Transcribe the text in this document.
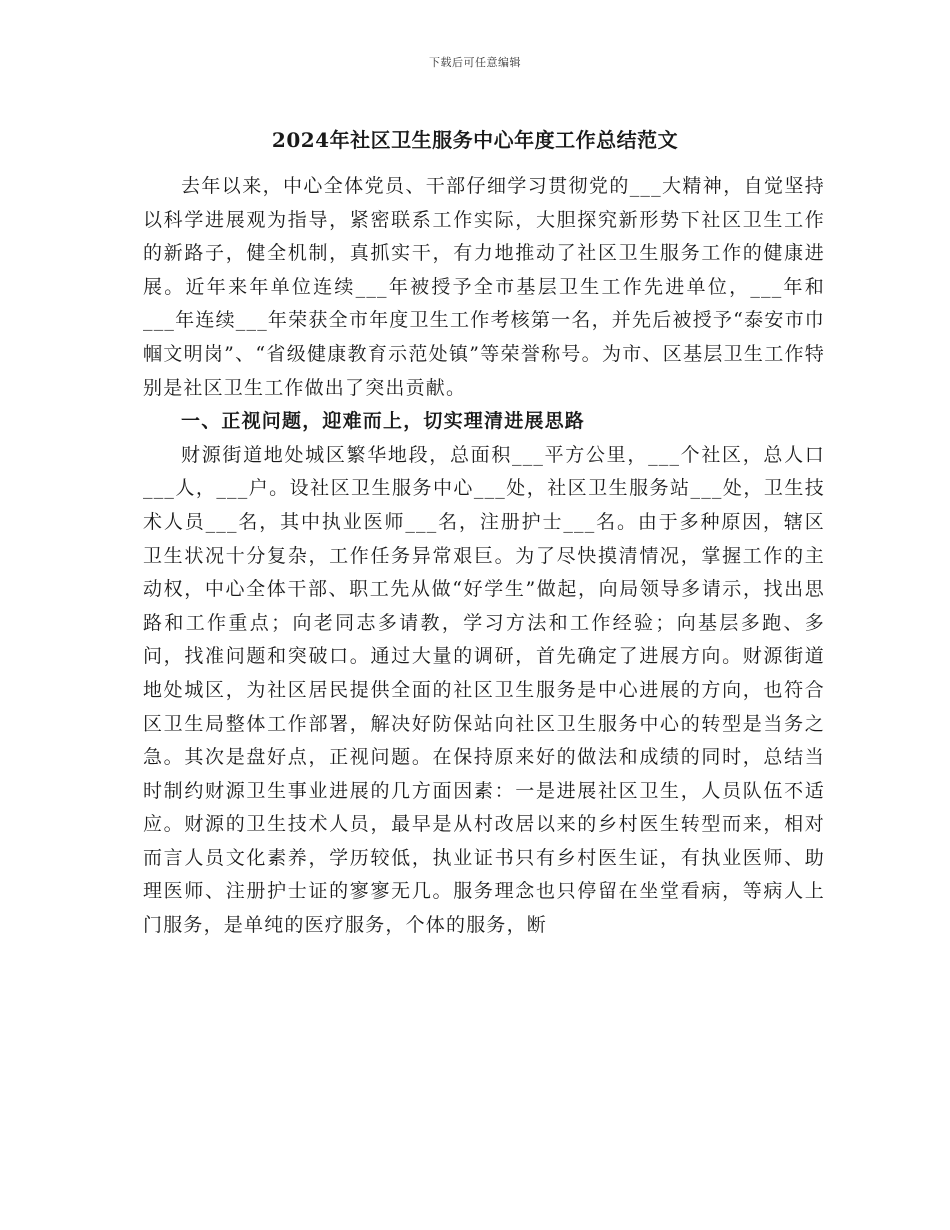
下载后可任意编辑
2024年社区卫生服务中心年度工作总结范文

去年以来，中心全体党员、干部仔细学习贯彻党的___大精神，自觉坚持以科学进展观为指导，紧密联系工作实际，大胆探究新形势下社区卫生工作的新路子，健全机制，真抓实干，有力地推动了社区卫生服务工作的健康进展。近年来年单位连续___年被授予全市基层卫生工作先进单位，___年和___年连续___年荣获全市年度卫生工作考核第一名，并先后被授予“泰安市巾帼文明岗”、“省级健康教育示范处镇”等荣誉称号。为市、区基层卫生工作特别是社区卫生工作做出了突出贡献。

一、正视问题，迎难而上，切实理清进展思路

财源街道地处城区繁华地段，总面积___平方公里，___个社区，总人口___人，___户。设社区卫生服务中心___处，社区卫生服务站___处，卫生技术人员___名，其中执业医师___名，注册护士___名。由于多种原因，辖区卫生状况十分复杂，工作任务异常艰巨。为了尽快摸清情况，掌握工作的主动权，中心全体干部、职工先从做“好学生”做起，向局领导多请示，找出思路和工作重点；向老同志多请教，学习方法和工作经验；向基层多跑、多问，找准问题和突破口。通过大量的调研，首先确定了进展方向。财源街道地处城区，为社区居民提供全面的社区卫生服务是中心进展的方向，也符合区卫生局整体工作部署，解决好防保站向社区卫生服务中心的转型是当务之急。其次是盘好点，正视问题。在保持原来好的做法和成绩的同时，总结当时制约财源卫生事业进展的几方面因素：一是进展社区卫生，人员队伍不适应。财源的卫生技术人员，最早是从村改居以来的乡村医生转型而来，相对而言人员文化素养，学历较低，执业证书只有乡村医生证，有执业医师、助理医师、注册护士证的寥寥无几。服务理念也只停留在坐堂看病，等病人上门服务，是单纯的医疗服务，个体的服务，断
